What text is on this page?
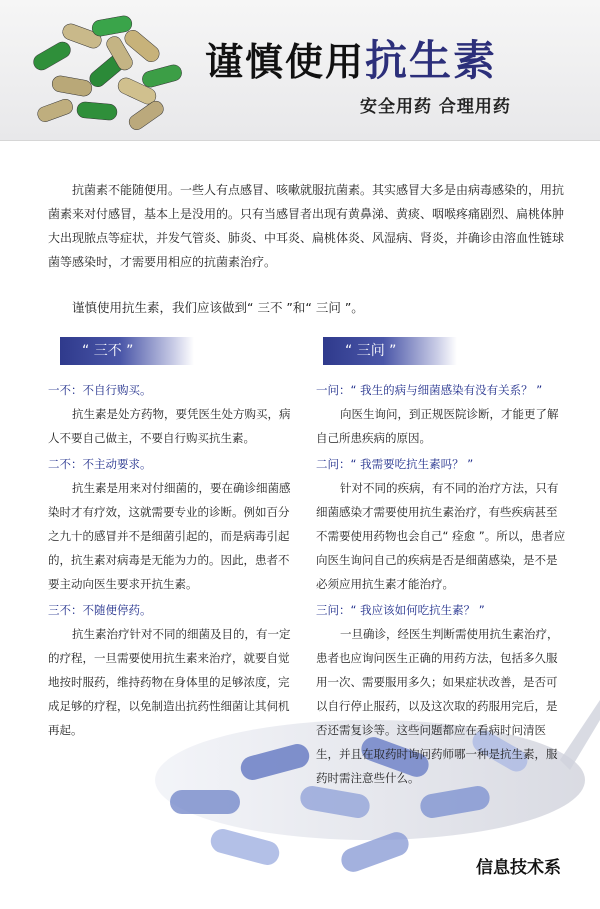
谨慎使用抗生素
安全用药 合理用药

抗菌素不能随便用。一些人有点感冒、咳嗽就服抗菌素。其实感冒大多是由病毒感染的，用抗菌素来对付感冒，基本上是没用的。只有当感冒者出现有黄鼻涕、黄痰、咽喉疼痛剧烈、扁桃体肿大出现脓点等症状，并发气管炎、肺炎、中耳炎、扁桃体炎、风湿病、肾炎，并确诊由溶血性链球菌等感染时，才需要用相应的抗菌素治疗。

谨慎使用抗生素，我们应该做到“ 三不 ”和“ 三问 ”。

“ 三不 ”	“ 三问 ”

一不：不自行购买。

抗生素是处方药物，要凭医生处方购买，病人不要自己做主，不要自行购买抗生素。

二不：不主动要求。

抗生素是用来对付细菌的，要在确诊细菌感染时才有疗效，这就需要专业的诊断。例如百分之九十的感冒并不是细菌引起的，而是病毒引起的，抗生素对病毒是无能为力的。因此，患者不要主动向医生要求开抗生素。

三不：不随便停药。

抗生素治疗针对不同的细菌及目的，有一定的疗程，一旦需要使用抗生素来治疗，就要自觉地按时服药，维持药物在身体里的足够浓度，完成足够的疗程，以免制造出抗药性细菌让其伺机再起。

一问：“ 我生的病与细菌感染有没有关系？ ”

向医生询问，到正规医院诊断，才能更了解自己所患疾病的原因。

二问：“ 我需要吃抗生素吗？ ”

针对不同的疾病，有不同的治疗方法，只有细菌感染才需要使用抗生素治疗，有些疾病甚至不需要使用药物也会自己“ 痊愈 ”。所以，患者应向医生询问自己的疾病是否是细菌感染，是不是必须应用抗生素才能治疗。

三问：“ 我应该如何吃抗生素？ ”

一旦确诊，经医生判断需使用抗生素治疗，患者也应询问医生正确的用药方法，包括多久服用一次、需要服用多久；如果症状改善，是否可以自行停止服药，以及这次取的药服用完后，是否还需复诊等。这些问题都应在看病时问清医生，并且在取药时询问药师哪一种是抗生素，服药时需注意些什么。

信息技术系
